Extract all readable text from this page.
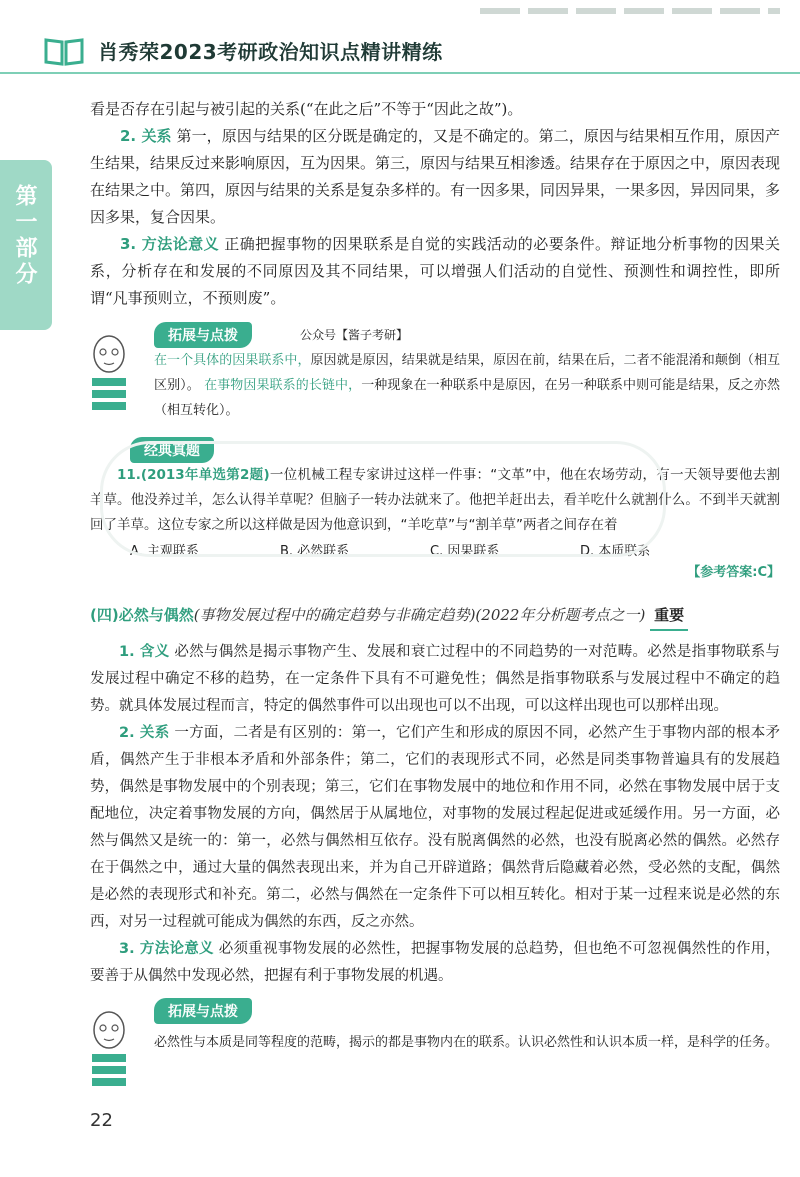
肖秀荣2023考研政治知识点精讲精练
第一部分

看是否存在引起与被引起的关系(“在此之后”不等于“因此之故”)。

2. 关系 第一，原因与结果的区分既是确定的，又是不确定的。第二，原因与结果相互作用，原因产生结果，结果反过来影响原因，互为因果。第三，原因与结果互相渗透。结果存在于原因之中，原因表现在结果之中。第四，原因与结果的关系是复杂多样的。有一因多果，同因异果，一果多因，异因同果，多因多果，复合因果。

3. 方法论意义 正确把握事物的因果联系是自觉的实践活动的必要条件。辩证地分析事物的因果关系，分析存在和发展的不同原因及其不同结果，可以增强人们活动的自觉性、预测性和调控性，即所谓“凡事预则立，不预则废”。

拓展与点拨	公众号【酱子考研】

在一个具体的因果联系中，原因就是原因，结果就是结果，原因在前，结果在后，二者不能混淆和颠倒（相互区别）。 在事物因果联系的长链中，一种现象在一种联系中是原因，在另一种联系中则可能是结果，反之亦然（相互转化）。

经典真题

11.(2013年单选第2题)一位机械工程专家讲过这样一件事：“文革”中，他在农场劳动，有一天领导要他去割羊草。他没养过羊，怎么认得羊草呢？但脑子一转办法就来了。他把羊赶出去，看羊吃什么就割什么。不到半天就割回了羊草。这位专家之所以这样做是因为他意识到，“羊吃草”与“割羊草”两者之间存在着

A. 主观联系	B. 必然联系	C. 因果联系	D. 本质联系
【参考答案:C】

(四)必然与偶然(事物发展过程中的确定趋势与非确定趋势)(2022年分析题考点之一) 重要

1. 含义 必然与偶然是揭示事物产生、发展和衰亡过程中的不同趋势的一对范畴。必然是指事物联系与发展过程中确定不移的趋势，在一定条件下具有不可避免性；偶然是指事物联系与发展过程中不确定的趋势。就具体发展过程而言，特定的偶然事件可以出现也可以不出现，可以这样出现也可以那样出现。

2. 关系 一方面，二者是有区别的：第一，它们产生和形成的原因不同，必然产生于事物内部的根本矛盾，偶然产生于非根本矛盾和外部条件；第二，它们的表现形式不同，必然是同类事物普遍具有的发展趋势，偶然是事物发展中的个别表现；第三，它们在事物发展中的地位和作用不同，必然在事物发展中居于支配地位，决定着事物发展的方向，偶然居于从属地位，对事物的发展过程起促进或延缓作用。另一方面，必然与偶然又是统一的：第一，必然与偶然相互依存。没有脱离偶然的必然，也没有脱离必然的偶然。必然存在于偶然之中，通过大量的偶然表现出来，并为自己开辟道路；偶然背后隐藏着必然，受必然的支配，偶然是必然的表现形式和补充。第二，必然与偶然在一定条件下可以相互转化。相对于某一过程来说是必然的东西，对另一过程就可能成为偶然的东西，反之亦然。

3. 方法论意义 必须重视事物发展的必然性，把握事物发展的总趋势，但也绝不可忽视偶然性的作用，要善于从偶然中发现必然，把握有利于事物发展的机遇。

拓展与点拨

必然性与本质是同等程度的范畴，揭示的都是事物内在的联系。认识必然性和认识本质一样，是科学的任务。

22
